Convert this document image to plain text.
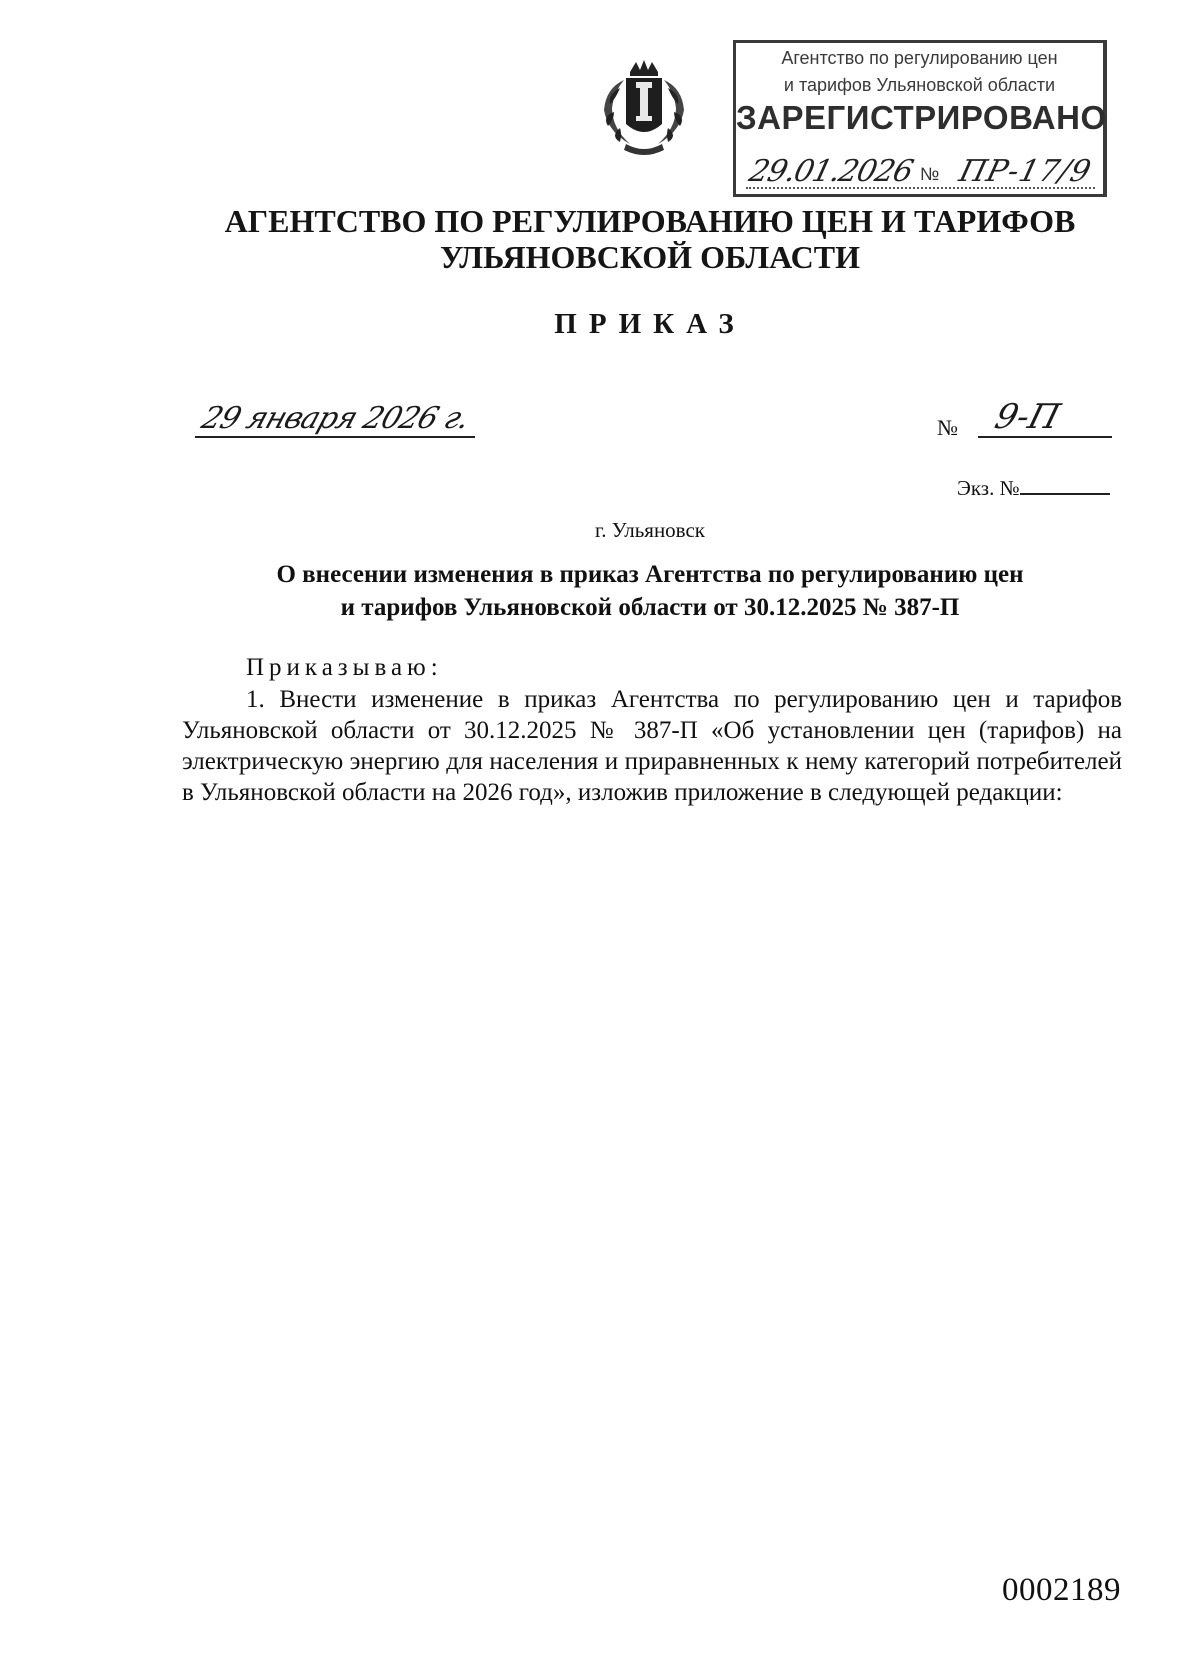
Агентство по регулированию цен
и тарифов Ульяновской области
ЗАРЕГИСТРИРОВАНО
29.01.2026 № ПР-17/9
АГЕНТСТВО ПО РЕГУЛИРОВАНИЮ ЦЕН И ТАРИФОВ
УЛЬЯНОВСКОЙ ОБЛАСТИ
ПРИКАЗ
29 января 2026 г.	№ 9-П
Экз. №
г. Ульяновск
О внесении изменения в приказ Агентства по регулированию цен
и тарифов Ульяновской области от 30.12.2025 № 387-П
Приказываю:
1. Внести изменение в приказ Агентства по регулированию цен и тарифов Ульяновской области от 30.12.2025 № 387-П «Об установлении цен (тарифов) на электрическую энергию для населения и приравненных к нему категорий потребителей в Ульяновской области на 2026 год», изложив приложение в следующей редакции:
0002189
